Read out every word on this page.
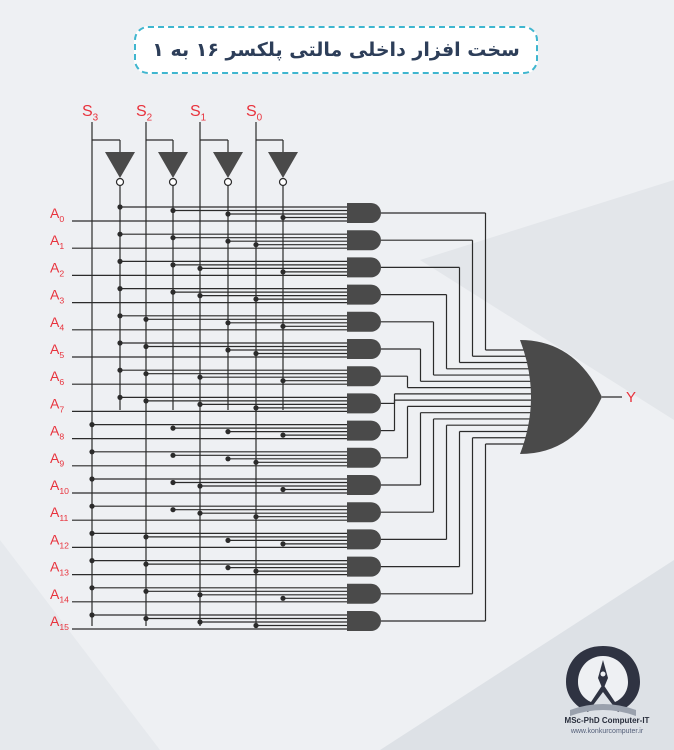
سخت افزار داخلی مالتی پلکسر ۱۶ به ۱
$S_3$ $S_2$ $S_1$ $S_0$
$A_0$
$A_1$
$A_2$
$A_3$
$A_4$
$A_5$
$A_6$
$A_7$
$A_8$
$A_9$
$A_{10}$
$A_{11}$
$A_{12}$
$A_{13}$
$A_{14}$
$A_{15}$
Y
MSc-PhD Computer-IT
www.konkurcomputer.ir
